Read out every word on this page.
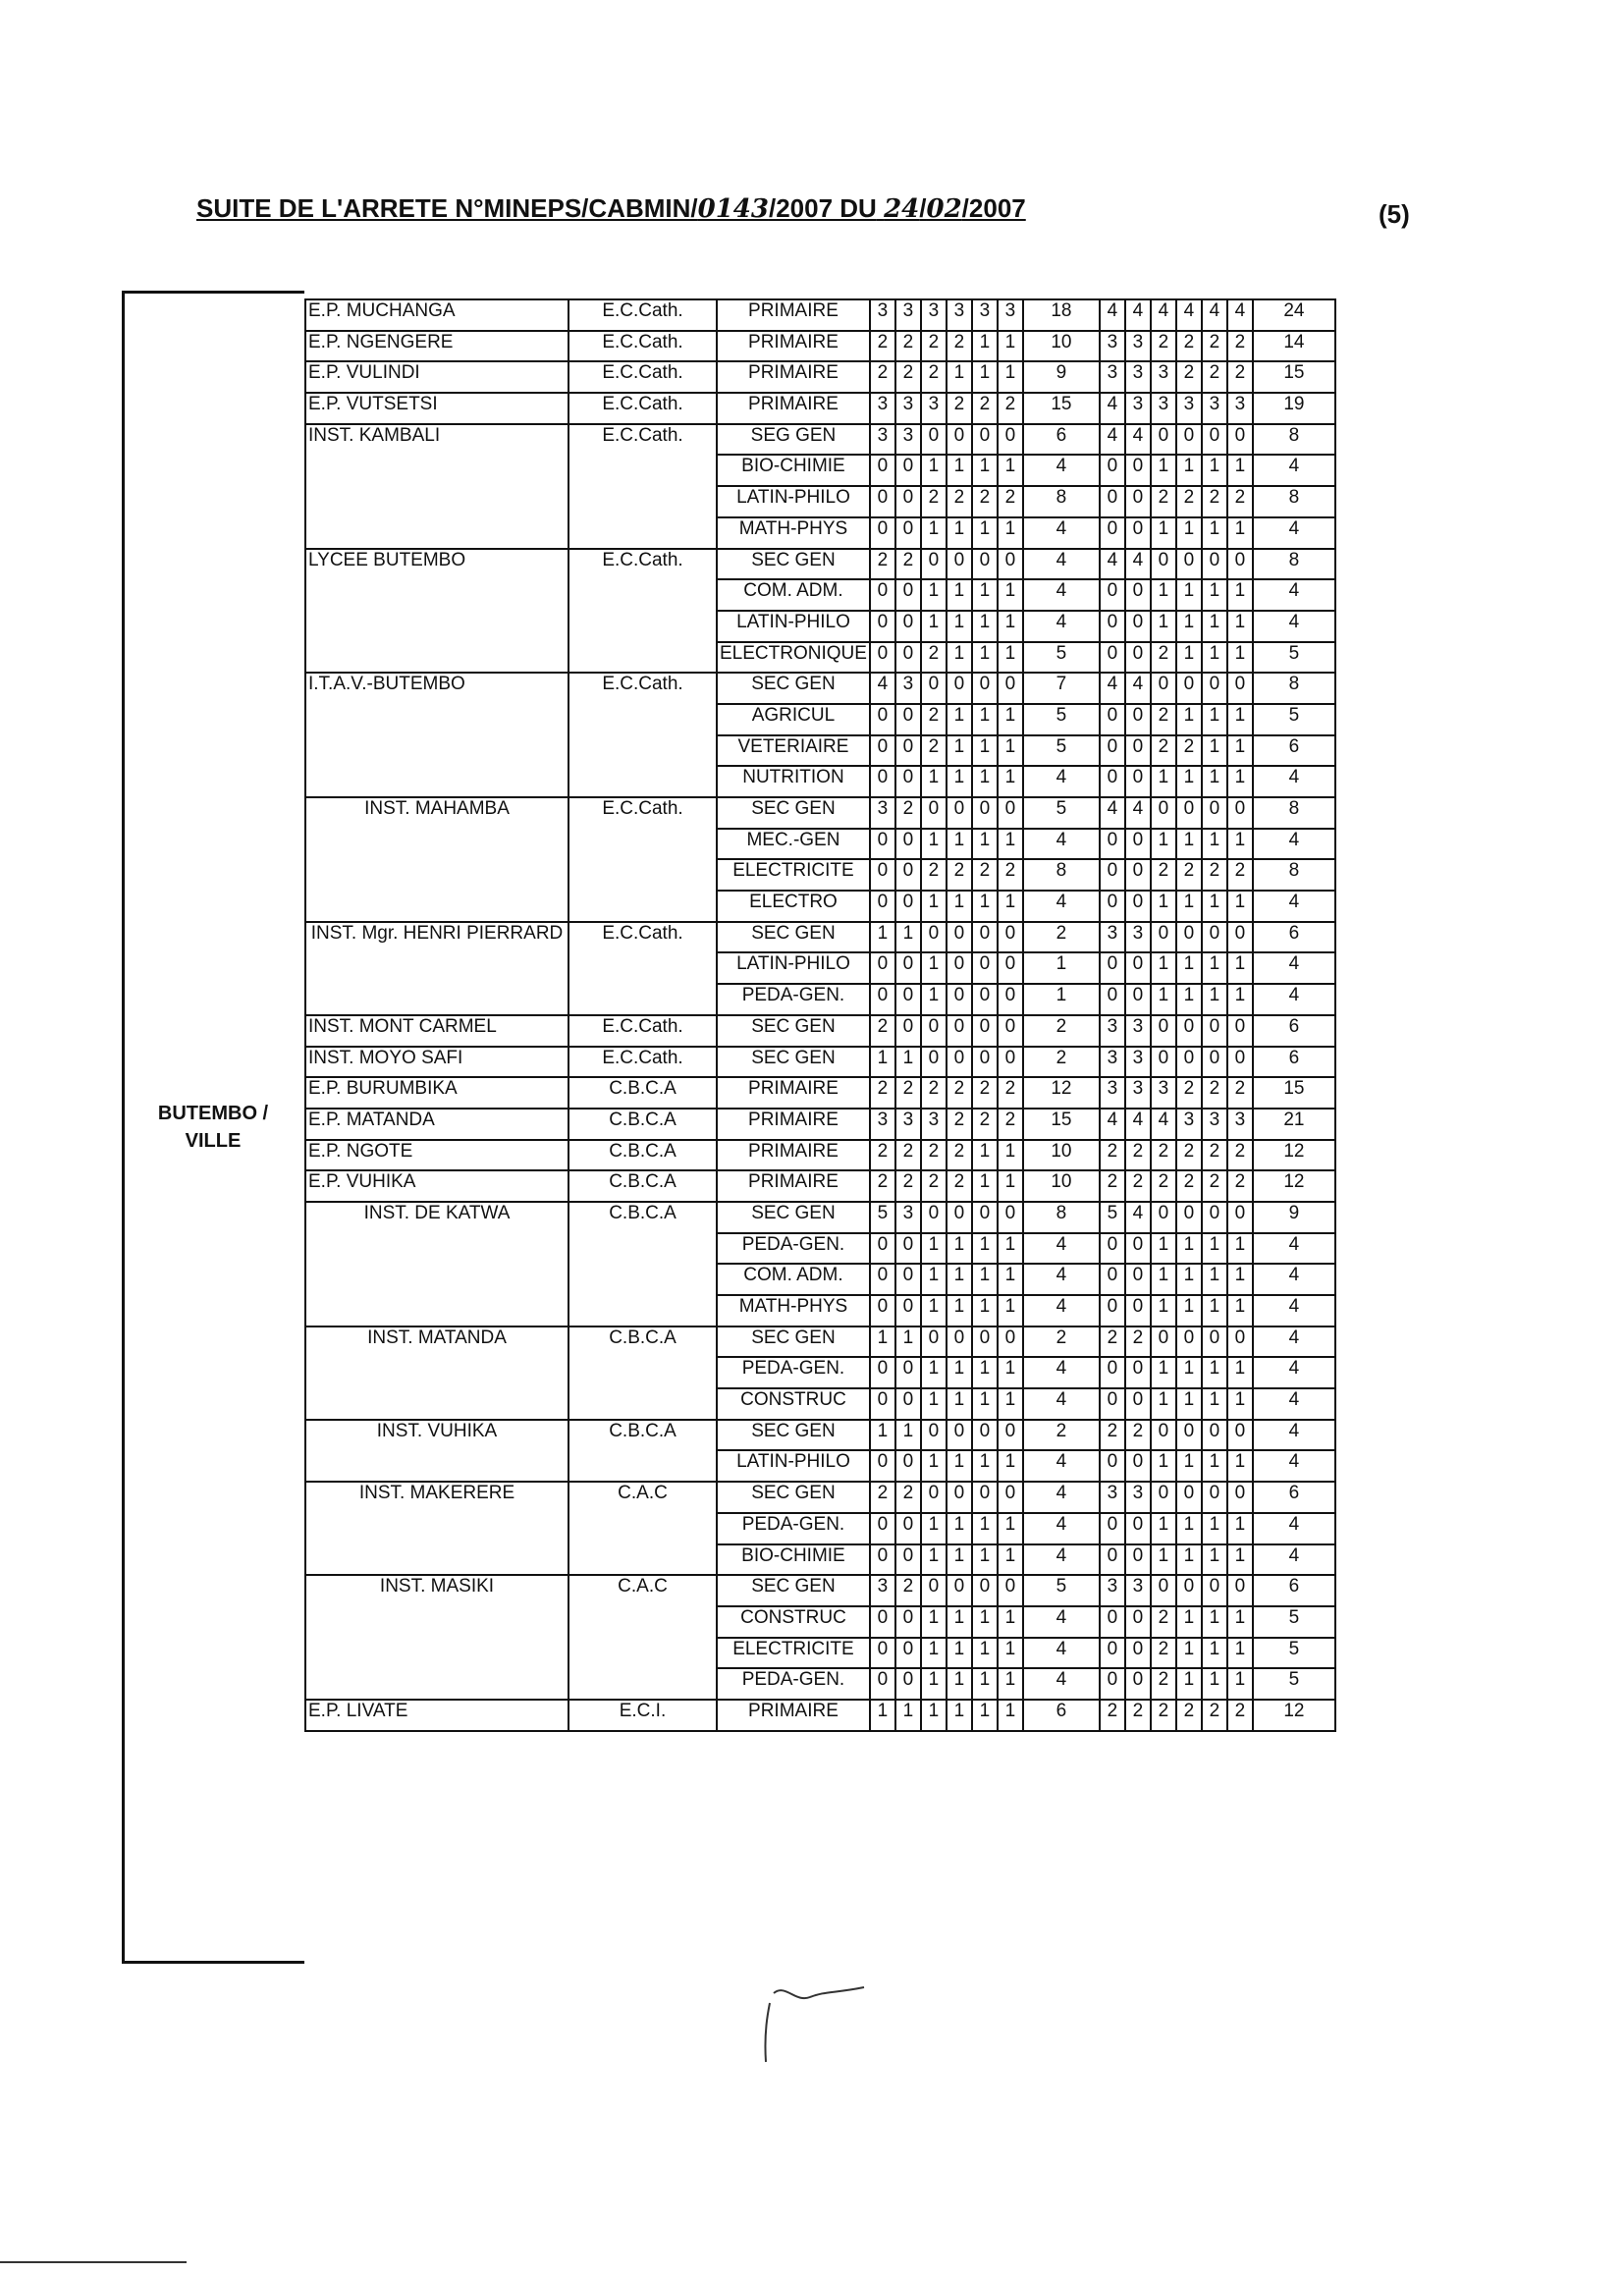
SUITE DE L'ARRETE N°MINEPS/CABMIN/0143/2007 DU 24/02/2007	(5)
BUTEMBO /
VILLE
E.P. MUCHANGA	E.C.Cath.	PRIMAIRE	3	3	3	3	3	3	18	4	4	4	4	4	4	24
E.P. NGENGERE	E.C.Cath.	PRIMAIRE	2	2	2	2	1	1	10	3	3	2	2	2	2	14
E.P. VULINDI	E.C.Cath.	PRIMAIRE	2	2	2	1	1	1	9	3	3	3	2	2	2	15
E.P. VUTSETSI	E.C.Cath.	PRIMAIRE	3	3	3	2	2	2	15	4	3	3	3	3	3	19
INST. KAMBALI	E.C.Cath.	SEG GEN	3	3	0	0	0	0	6	4	4	0	0	0	0	8
		BIO-CHIMIE	0	0	1	1	1	1	4	0	0	1	1	1	1	4
		LATIN-PHILO	0	0	2	2	2	2	8	0	0	2	2	2	2	8
		MATH-PHYS	0	0	1	1	1	1	4	0	0	1	1	1	1	4
LYCEE BUTEMBO	E.C.Cath.	SEC GEN	2	2	0	0	0	0	4	4	4	0	0	0	0	8
		COM. ADM.	0	0	1	1	1	1	4	0	0	1	1	1	1	4
		LATIN-PHILO	0	0	1	1	1	1	4	0	0	1	1	1	1	4
		ELECTRONIQUE	0	0	2	1	1	1	5	0	0	2	1	1	1	5
I.T.A.V.-BUTEMBO	E.C.Cath.	SEC GEN	4	3	0	0	0	0	7	4	4	0	0	0	0	8
		AGRICUL	0	0	2	1	1	1	5	0	0	2	1	1	1	5
		VETERIAIRE	0	0	2	1	1	1	5	0	0	2	2	1	1	6
		NUTRITION	0	0	1	1	1	1	4	0	0	1	1	1	1	4
INST. MAHAMBA	E.C.Cath.	SEC GEN	3	2	0	0	0	0	5	4	4	0	0	0	0	8
		MEC.-GEN	0	0	1	1	1	1	4	0	0	1	1	1	1	4
		ELECTRICITE	0	0	2	2	2	2	8	0	0	2	2	2	2	8
		ELECTRO	0	0	1	1	1	1	4	0	0	1	1	1	1	4
INST. Mgr. HENRI PIERRARD	E.C.Cath.	SEC GEN	1	1	0	0	0	0	2	3	3	0	0	0	0	6
		LATIN-PHILO	0	0	1	0	0	0	1	0	0	1	1	1	1	4
		PEDA-GEN.	0	0	1	0	0	0	1	0	0	1	1	1	1	4
INST. MONT CARMEL	E.C.Cath.	SEC GEN	2	0	0	0	0	0	2	3	3	0	0	0	0	6
INST. MOYO SAFI	E.C.Cath.	SEC GEN	1	1	0	0	0	0	2	3	3	0	0	0	0	6
E.P. BURUMBIKA	C.B.C.A	PRIMAIRE	2	2	2	2	2	2	12	3	3	3	2	2	2	15
E.P. MATANDA	C.B.C.A	PRIMAIRE	3	3	3	2	2	2	15	4	4	4	3	3	3	21
E.P. NGOTE	C.B.C.A	PRIMAIRE	2	2	2	2	1	1	10	2	2	2	2	2	2	12
E.P. VUHIKA	C.B.C.A	PRIMAIRE	2	2	2	2	1	1	10	2	2	2	2	2	2	12
INST. DE KATWA	C.B.C.A	SEC GEN	5	3	0	0	0	0	8	5	4	0	0	0	0	9
		PEDA-GEN.	0	0	1	1	1	1	4	0	0	1	1	1	1	4
		COM. ADM.	0	0	1	1	1	1	4	0	0	1	1	1	1	4
		MATH-PHYS	0	0	1	1	1	1	4	0	0	1	1	1	1	4
INST. MATANDA	C.B.C.A	SEC GEN	1	1	0	0	0	0	2	2	2	0	0	0	0	4
		PEDA-GEN.	0	0	1	1	1	1	4	0	0	1	1	1	1	4
		CONSTRUC	0	0	1	1	1	1	4	0	0	1	1	1	1	4
INST. VUHIKA	C.B.C.A	SEC GEN	1	1	0	0	0	0	2	2	2	0	0	0	0	4
		LATIN-PHILO	0	0	1	1	1	1	4	0	0	1	1	1	1	4
INST. MAKERERE	C.A.C	SEC GEN	2	2	0	0	0	0	4	3	3	0	0	0	0	6
		PEDA-GEN.	0	0	1	1	1	1	4	0	0	1	1	1	1	4
		BIO-CHIMIE	0	0	1	1	1	1	4	0	0	1	1	1	1	4
INST. MASIKI	C.A.C	SEC GEN	3	2	0	0	0	0	5	3	3	0	0	0	0	6
		CONSTRUC	0	0	1	1	1	1	4	0	0	2	1	1	1	5
		ELECTRICITE	0	0	1	1	1	1	4	0	0	2	1	1	1	5
		PEDA-GEN.	0	0	1	1	1	1	4	0	0	2	1	1	1	5
E.P. LIVATE	E.C.I.	PRIMAIRE	1	1	1	1	1	1	6	2	2	2	2	2	2	12
